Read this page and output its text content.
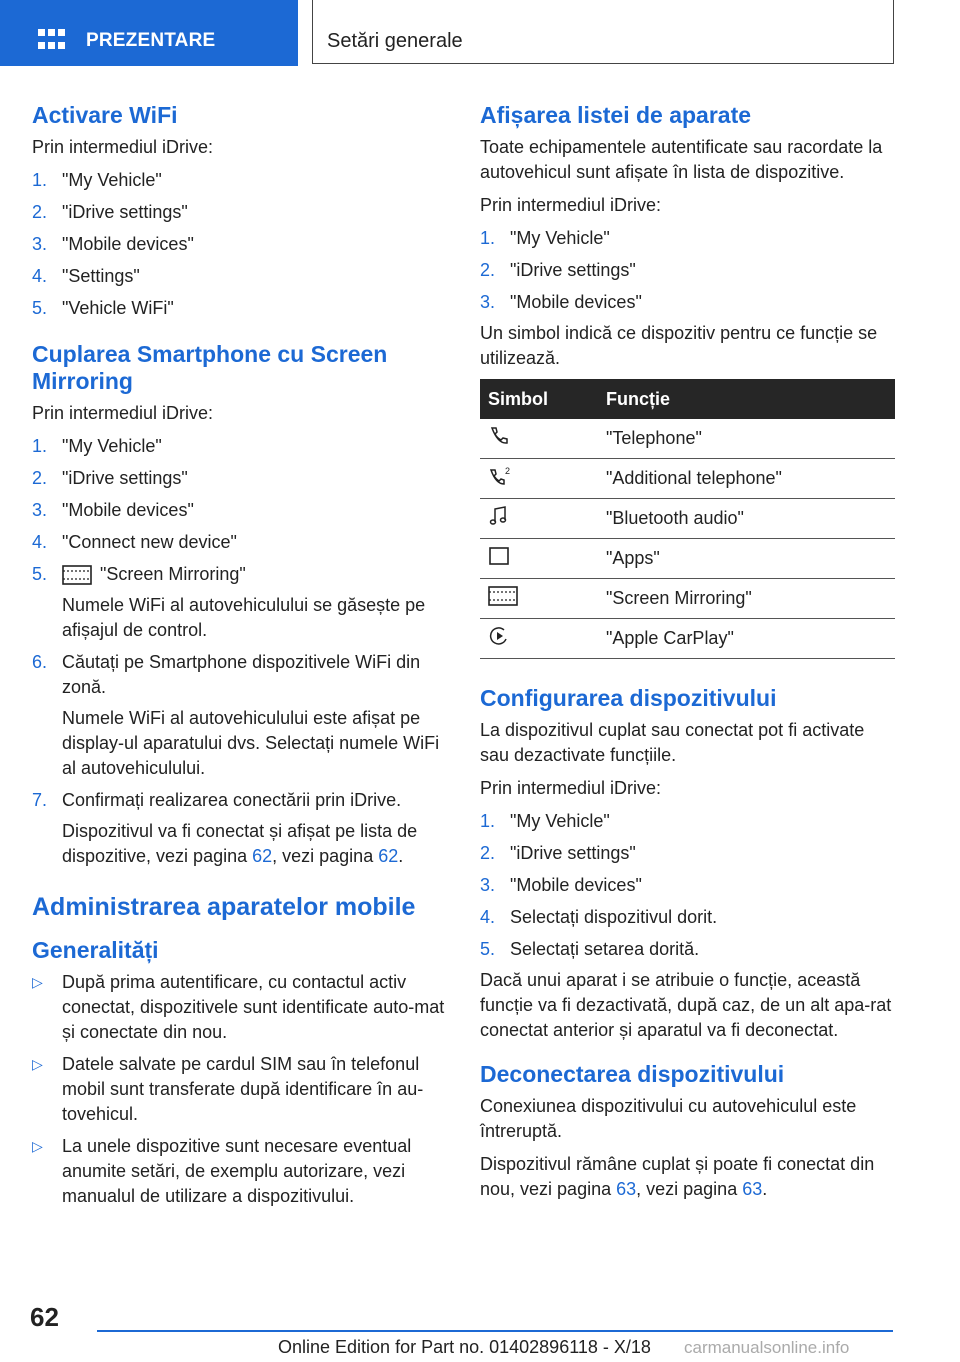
PREZENTARE	Setări generale
Activare WiFi

Prin intermediul iDrive:

1. "My Vehicle"
2. "iDrive settings"
3. "Mobile devices"
4. "Settings"
5. "Vehicle WiFi"
Cuplarea Smartphone cu Screen Mirroring

Prin intermediul iDrive:

1. "My Vehicle"
2. "iDrive settings"
3. "Mobile devices"
4. "Connect new device"
5.	"Screen Mirroring"
Numele WiFi al autovehiculului se găsește pe afișajul de control.
6. Căutați pe Smartphone dispozitivele WiFi din zonă.
Numele WiFi al autovehiculului este afișat pe display-ul aparatului dvs. Selectați numele WiFi al autovehiculului.
7. Confirmați realizarea conectării prin iDrive.
Dispozitivul va fi conectat și afișat pe lista de dispozitive, vezi pagina 62, vezi pagina 62.
Administrarea aparatelor mobile
Generalități
▷ După prima autentificare, cu contactul activ conectat, dispozitivele sunt identificate auto-mat și conectate din nou.
▷ Datele salvate pe cardul SIM sau în telefonul mobil sunt transferate după identificare în au-tovehicul.
▷ La unele dispozitive sunt necesare eventual anumite setări, de exemplu autorizare, vezi manualul de utilizare a dispozitivului.
Afișarea listei de aparate

Toate echipamentele autentificate sau racordate la autovehicul sunt afișate în lista de dispozitive.

Prin intermediul iDrive:

1. "My Vehicle"
2. "iDrive settings"
3. "Mobile devices"

Un simbol indică ce dispozitiv pentru ce funcție se utilizează.

Simbol	Funcție
	"Telephone"

2	"Additional telephone"
	"Bluetooth audio"
	"Apps"
	"Screen Mirroring"
	"Apple CarPlay"
Configurarea dispozitivului

La dispozitivul cuplat sau conectat pot fi activate sau dezactivate funcțiile.

Prin intermediul iDrive:

1. "My Vehicle"
2. "iDrive settings"
3. "Mobile devices"
4. Selectați dispozitivul dorit.
5. Selectați setarea dorită.

Dacă unui aparat i se atribuie o funcție, această funcție va fi dezactivată, după caz, de un alt apa-rat conectat anterior și aparatul va fi deconectat.

Deconectarea dispozitivului

Conexiunea dispozitivului cu autovehiculul este întreruptă.

Dispozitivul rămâne cuplat și poate fi conectat din nou, vezi pagina 63, vezi pagina 63.

62
Online Edition for Part no. 01402896118 - X/18 carmanualsonline.info
